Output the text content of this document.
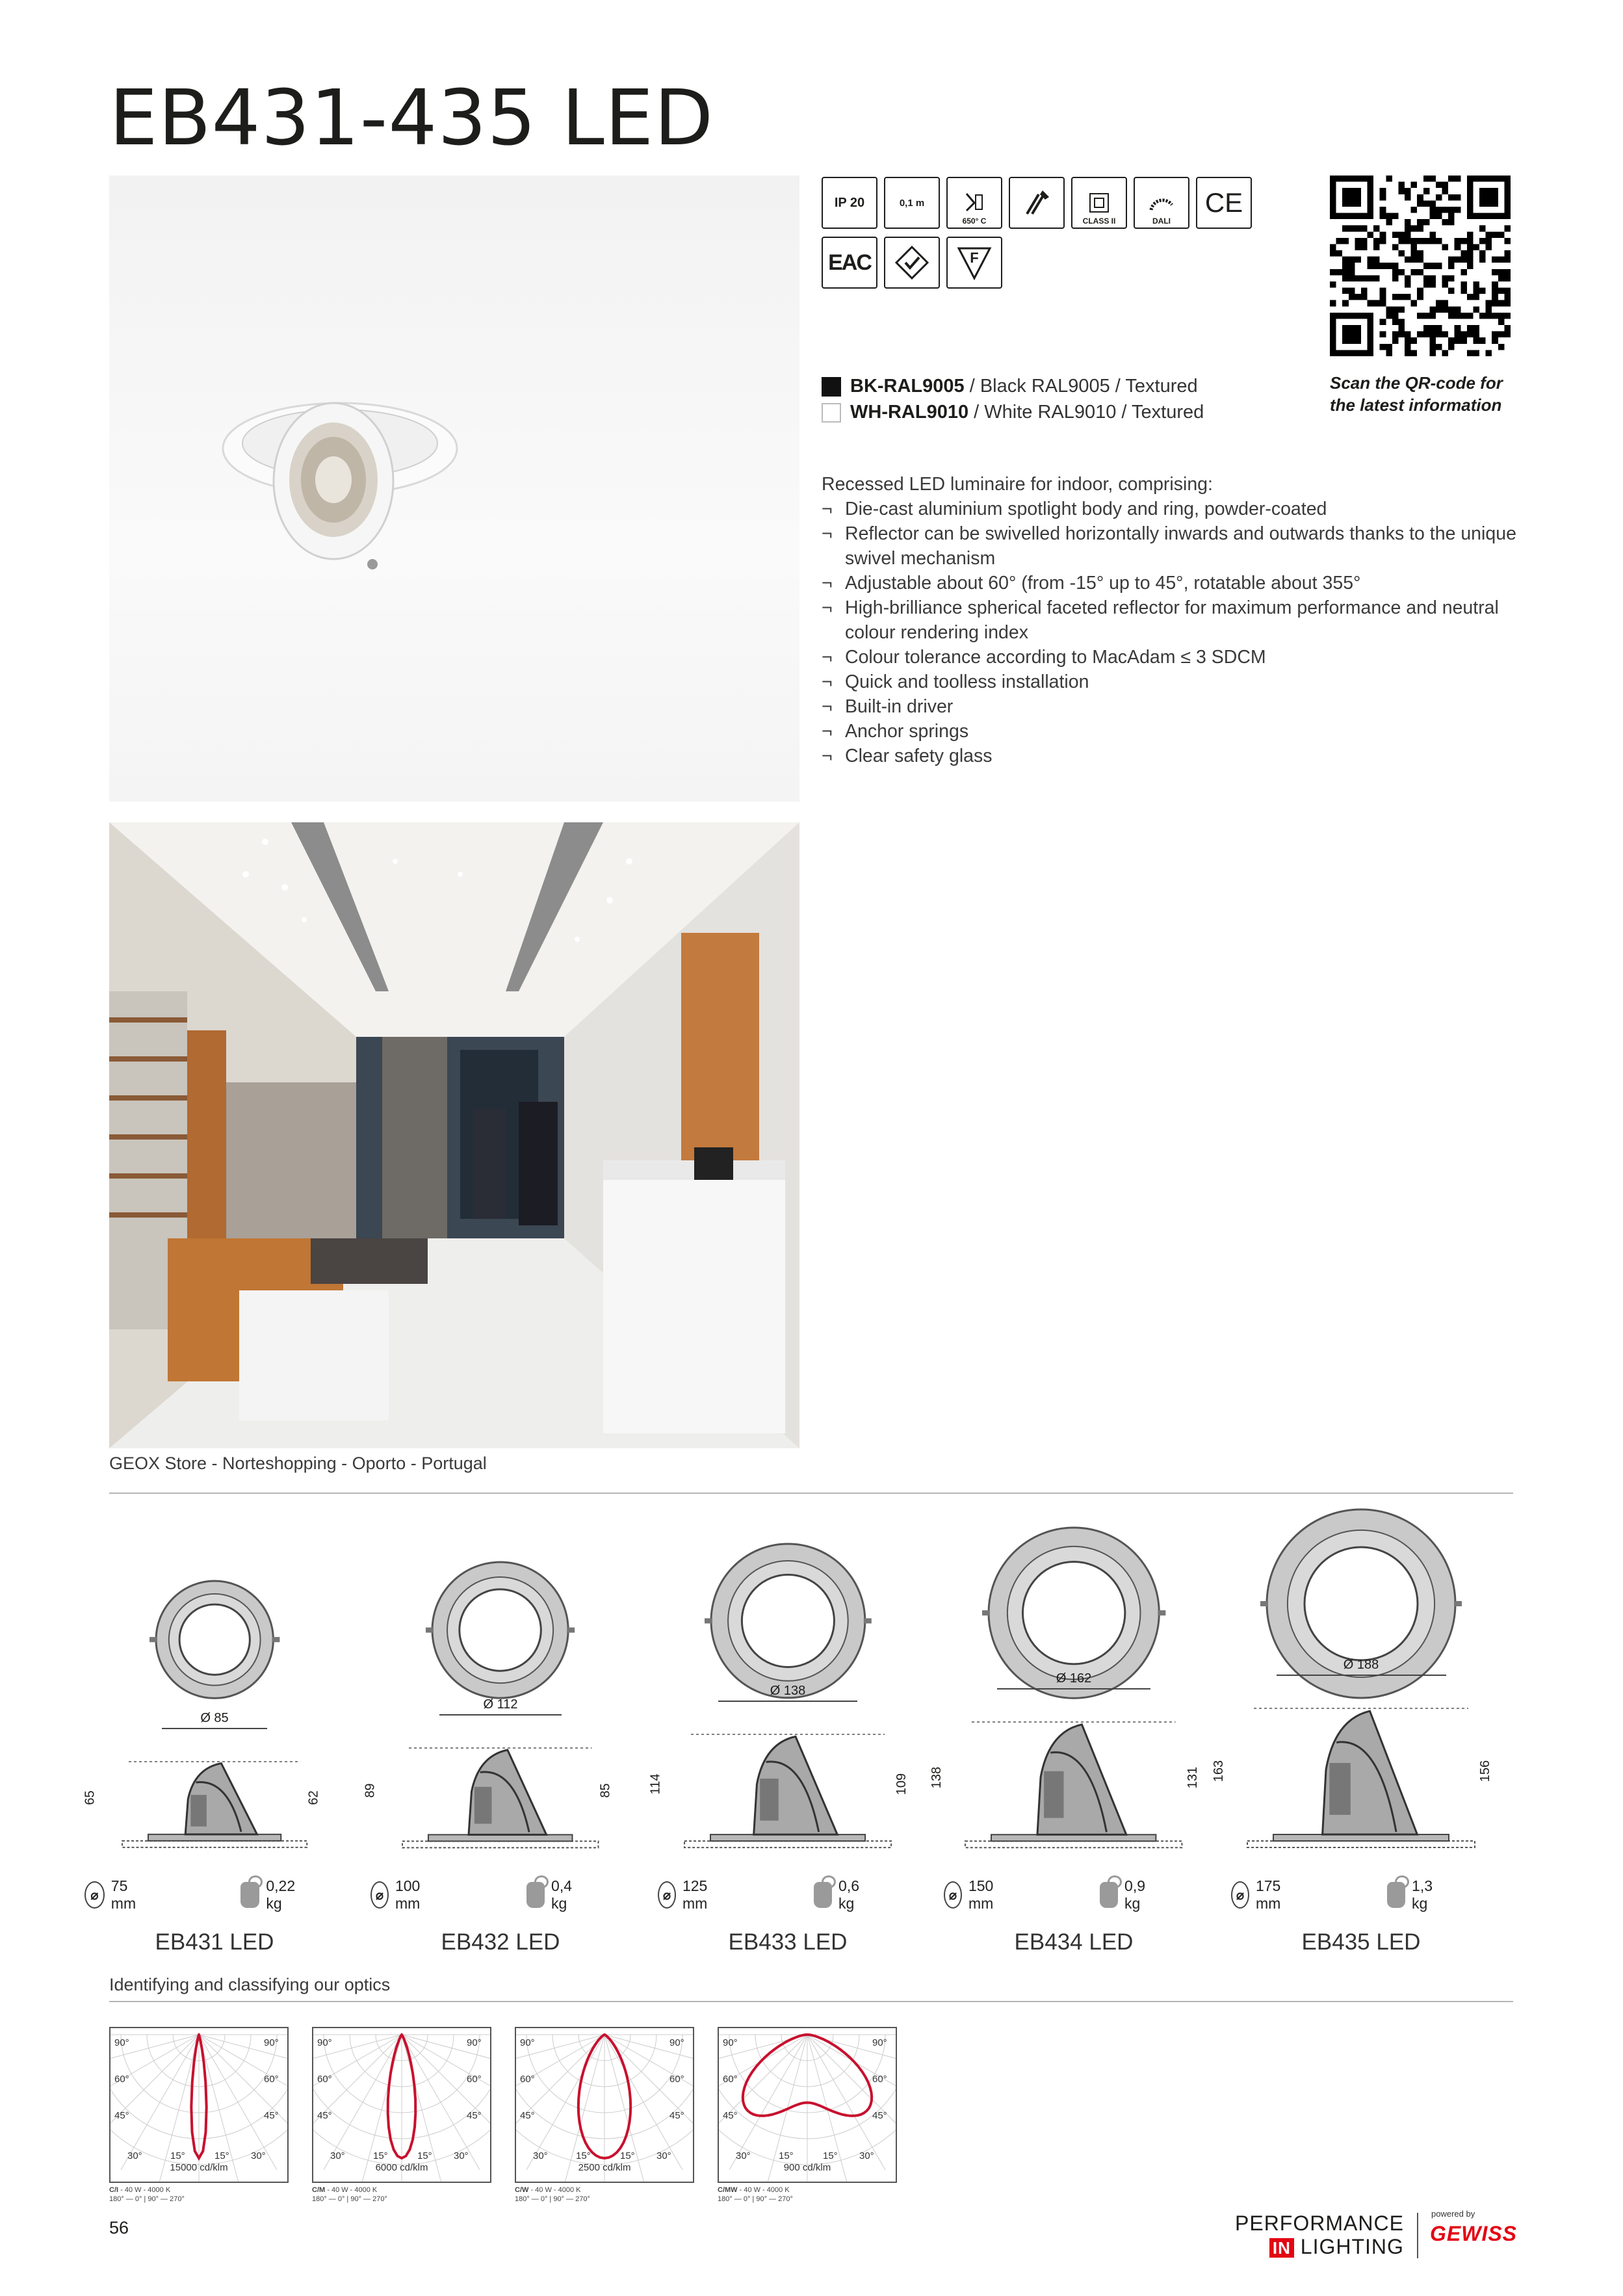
EB431-435 LED
GEOX Store - Norteshopping - Oporto - Portugal
IP 20	0,1 m
650° C	CLASS II	DALI
CE
EAC	F
Scan the QR-code for the latest information
BK-RAL9005 / Black RAL9005 / Textured
WH-RAL9010 / White RAL9010 / Textured
Recessed LED luminaire for indoor, comprising:
¬ Die-cast aluminium spotlight body and ring, powder-coated
¬ Reflector can be swivelled horizontally inwards and outwards thanks to the unique swivel mechanism
¬ Adjustable about 60° (from -15° up to 45°, rotatable about 355°
¬ High-brilliance spherical faceted reflector for maximum performance and neutral colour rendering index
¬ Colour tolerance according to MacAdam ≤ 3 SDCM
¬ Quick and toolless installation
¬ Built-in driver
¬ Anchor springs
¬ Clear safety glass
Ø 85
65	62
⌀
75 mm
0,22 kg
EB431 LED
Ø 112
89	85
⌀
100 mm
0,4 kg
EB432 LED
Ø 138
114	109
⌀
125 mm
0,6 kg
EB433 LED
Ø 162
138	131
⌀
150 mm
0,9 kg
EB434 LED
Ø 188
163	156
⌀
175 mm
1,3 kg
EB435 LED
Identifying and classifying our optics
90°	90°
60°	60°
45°	45°
30°	30°
15°	15°
15000 cd/klm
C/I - 40 W - 4000 K
180° — 0° | 90° — 270°
90°	90°
60°	60°
45°	45°
30°	30°
15°	15°
6000 cd/klm
C/M - 40 W - 4000 K
180° — 0° | 90° — 270°
90°	90°
60°	60°
45°	45°
30°	30°
15°	15°
2500 cd/klm
C/W - 40 W - 4000 K
180° — 0° | 90° — 270°
90°	90°
60°	60°
45°	45°
30°	30°
15°	15°
900 cd/klm
C/MW - 40 W - 4000 K
180° — 0° | 90° — 270°
56	PERFORMANCE
IN LIGHTING
powered by
GEWISS
